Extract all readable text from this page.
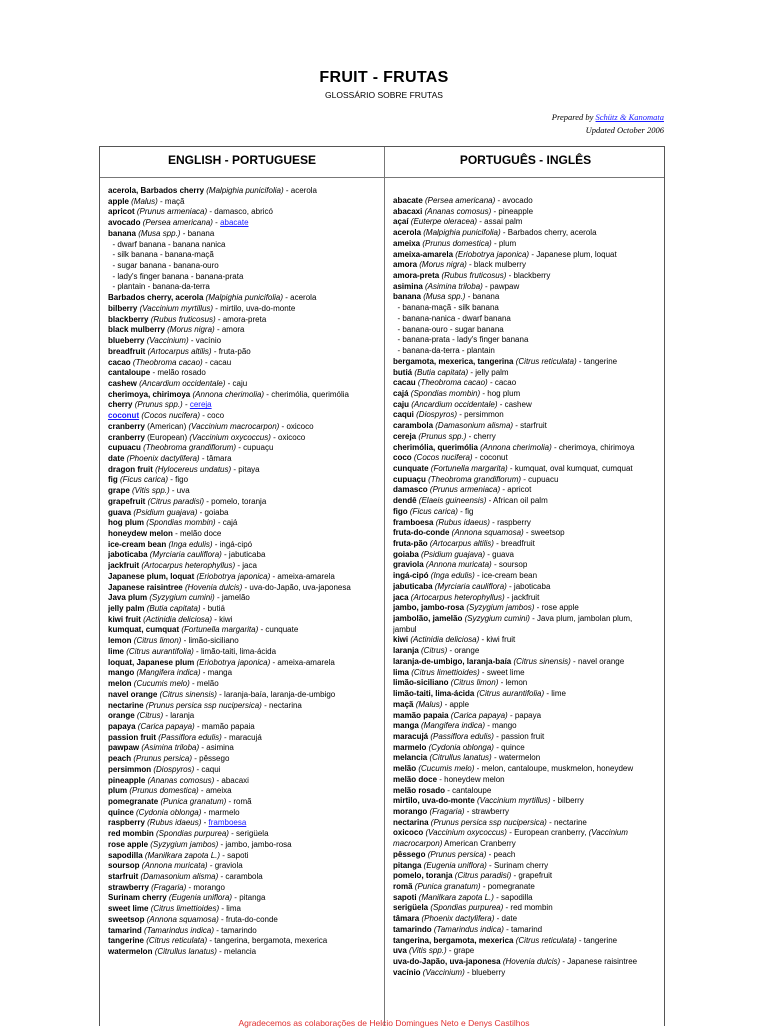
FRUIT - FRUTAS
GLOSSÁRIO SOBRE FRUTAS
Prepared by Schütz & Kanomata
Updated October 2006
ENGLISH - PORTUGUESE	PORTUGUÊS - INGLÊS
acerola, Barbados cherry (Malpighia punicifolia) - acerola
apple (Malus) - maçã
apricot (Prunus armeniaca) - damasco, abricó
avocado (Persea americana) - abacate
banana (Musa spp.) - banana
- dwarf banana - banana nanica
- silk banana - banana-maçã
- sugar banana - banana-ouro
- lady's finger banana - banana-prata
- plantain - banana-da-terra
Barbados cherry, acerola (Malpighia punicifolia) - acerola
bilberry (Vaccinium myrtillus) - mirtilo, uva-do-monte
blackberry (Rubus fruticosus) - amora-preta
black mulberry (Morus nigra) - amora
blueberry (Vaccinium) - vacínio
breadfruit (Artocarpus altilis) - fruta-pão
cacao (Theobroma cacao) - cacau
cantaloupe - melão rosado
cashew (Ancardium occidentale) - caju
cherimoya, chirimoya (Annona cherimolia) - cherimólia, querimólia
cherry (Prunus spp.) - cereja
coconut (Cocos nucifera) - coco
cranberry (American) (Vaccinium macrocarpon) - oxicoco
cranberry (European) (Vaccinium oxycoccus) - oxicoco
cupuacu (Theobroma grandiflorum) - cupuaçu
date (Phoenix dactylifera) - tâmara
dragon fruit (Hylocereus undatus) - pitaya
fig (Ficus carica) - figo
grape (Vitis spp.) - uva
grapefruit (Citrus paradisi) - pomelo, toranja
guava (Psidium guajava) - goiaba
hog plum (Spondias mombin) - cajá
honeydew melon - melão doce
ice-cream bean (Inga edulis) - ingá-cipó
jaboticaba (Myrciaria cauliflora) - jabuticaba
jackfruit (Artocarpus heterophyllus) - jaca
Japanese plum, loquat (Eriobotrya japonica) - ameixa-amarela
Japanese raisintree (Hovenia dulcis) - uva-do-Japão, uva-japonesa
Java plum (Syzygium cumini) - jamelão
jelly palm (Butia capitata) - butiá
kiwi fruit (Actinidia deliciosa) - kiwi
kumquat, cumquat (Fortunella margarita) - cunquate
lemon (Citrus limon) - limão-siciliano
lime (Citrus aurantifolia) - limão-taiti, lima-ácida
loquat, Japanese plum (Eriobotrya japonica) - ameixa-amarela
mango (Mangifera indica) - manga
melon (Cucumis melo) - melão
navel orange (Citrus sinensis) - laranja-baía, laranja-de-umbigo
nectarine (Prunus persica ssp nucipersica) - nectarina
orange (Citrus) - laranja
papaya (Carica papaya) - mamão papaia
passion fruit (Passiflora edulis) - maracujá
pawpaw (Asimina triloba) - asimina
peach (Prunus persica) - pêssego
persimmon (Diospyros) - caqui
pineapple (Ananas comosus) - abacaxi
plum (Prunus domestica) - ameixa
pomegranate (Punica granatum) - romã
quince (Cydonia oblonga) - marmelo
raspberry (Rubus idaeus) - framboesa
red mombin (Spondias purpurea) - serigüela
rose apple (Syzygium jambos) - jambo, jambo-rosa
sapodilla (Manilkara zapota L.) - sapoti
soursop (Annona muricata) - graviola
starfruit (Damasonium alisma) - carambola
strawberry (Fragaria) - morango
Surinam cherry (Eugenia uniflora) - pitanga
sweet lime (Citrus limettioides) - lima
sweetsop (Annona squamosa) - fruta-do-conde
tamarind (Tamarindus indica) - tamarindo
tangerine (Citrus reticulata) - tangerina, bergamota, mexerica
watermelon (Citrullus lanatus) - melancia
abacate (Persea americana) - avocado
abacaxi (Ananas comosus) - pineapple
açaí (Euterpe oleracea) - assai palm
acerola (Malpighia punicifolia) - Barbados cherry, acerola
ameixa (Prunus domestica) - plum
ameixa-amarela (Eriobotrya japonica) - Japanese plum, loquat
amora (Morus nigra) - black mulberry
amora-preta (Rubus fruticosus) - blackberry
asimina (Asimina triloba) - pawpaw
banana (Musa spp.) - banana
- banana-maçã - silk banana
- banana-nanica - dwarf banana
- banana-ouro - sugar banana
- banana-prata - lady's finger banana
- banana-da-terra - plantain
bergamota, mexerica, tangerina (Citrus reticulata) - tangerine
butiá (Butia capitata) - jelly palm
cacau (Theobroma cacao) - cacao
cajá (Spondias mombin) - hog plum
caju (Ancardium occidentale) - cashew
caqui (Diospyros) - persimmon
carambola (Damasonium alisma) - starfruit
cereja (Prunus spp.) - cherry
cherimólia, querimólia (Annona cherimolia) - cherimoya, chirimoya
coco (Cocos nucifera) - coconut
cunquate (Fortunella margarita) - kumquat, oval kumquat, cumquat
cupuaçu (Theobroma grandiflorum) - cupuacu
damasco (Prunus armeniaca) - apricot
dendê (Elaeis guineensis) - African oil palm
figo (Ficus carica) - fig
framboesa (Rubus idaeus) - raspberry
fruta-do-conde (Annona squamosa) - sweetsop
fruta-pão (Artocarpus altilis) - breadfruit
goiaba (Psidium guajava) - guava
graviola (Annona muricata) - soursop
ingá-cipó (Inga edulis) - ice-cream bean
jabuticaba (Myrciaria cauliflora) - jaboticaba
jaca (Artocarpus heterophyllus) - jackfruit
jambo, jambo-rosa (Syzygium jambos) - rose apple
jambolão, jamelão (Syzygium cumini) - Java plum, jambolan plum,
jambul
kiwi (Actinidia deliciosa) - kiwi fruit
laranja (Citrus) - orange
laranja-de-umbigo, laranja-baía (Citrus sinensis) - navel orange
lima (Citrus limettioides) - sweet lime
limão-siciliano (Citrus limon) - lemon
limão-taiti, lima-ácida (Citrus aurantifolia) - lime
maçã (Malus) - apple
mamão papaia (Carica papaya) - papaya
manga (Mangifera indica) - mango
maracujá (Passiflora edulis) - passion fruit
marmelo (Cydonia oblonga) - quince
melancia (Citrullus lanatus) - watermelon
melão (Cucumis melo) - melon, cantaloupe, muskmelon, honeydew
melão doce - honeydew melon
melão rosado - cantaloupe
mirtilo, uva-do-monte (Vaccinium myrtillus) - bilberry
morango (Fragaria) - strawberry
nectarina (Prunus persica ssp nucipersica) - nectarine
oxicoco (Vaccinium oxycoccus) - European cranberry, (Vaccinium
macrocarpon) American Cranberry
pêssego (Prunus persica) - peach
pitanga (Eugenia uniflora) - Surinam cherry
pomelo, toranja (Citrus paradisi) - grapefruit
romã (Punica granatum) - pomegranate
sapoti (Manilkara zapota L.) - sapodilla
serigüela (Spondias purpurea) - red mombin
tâmara (Phoenix dactylifera) - date
tamarindo (Tamarindus indica) - tamarind
tangerina, bergamota, mexerica (Citrus reticulata) - tangerine
uva (Vitis spp.) - grape
uva-do-Japão, uva-japonesa (Hovenia dulcis) - Japanese raisintree
vacínio (Vaccinium) - blueberry
Agradecemos as colaborações de Helcio Domingues Neto e Denys Castilhos
